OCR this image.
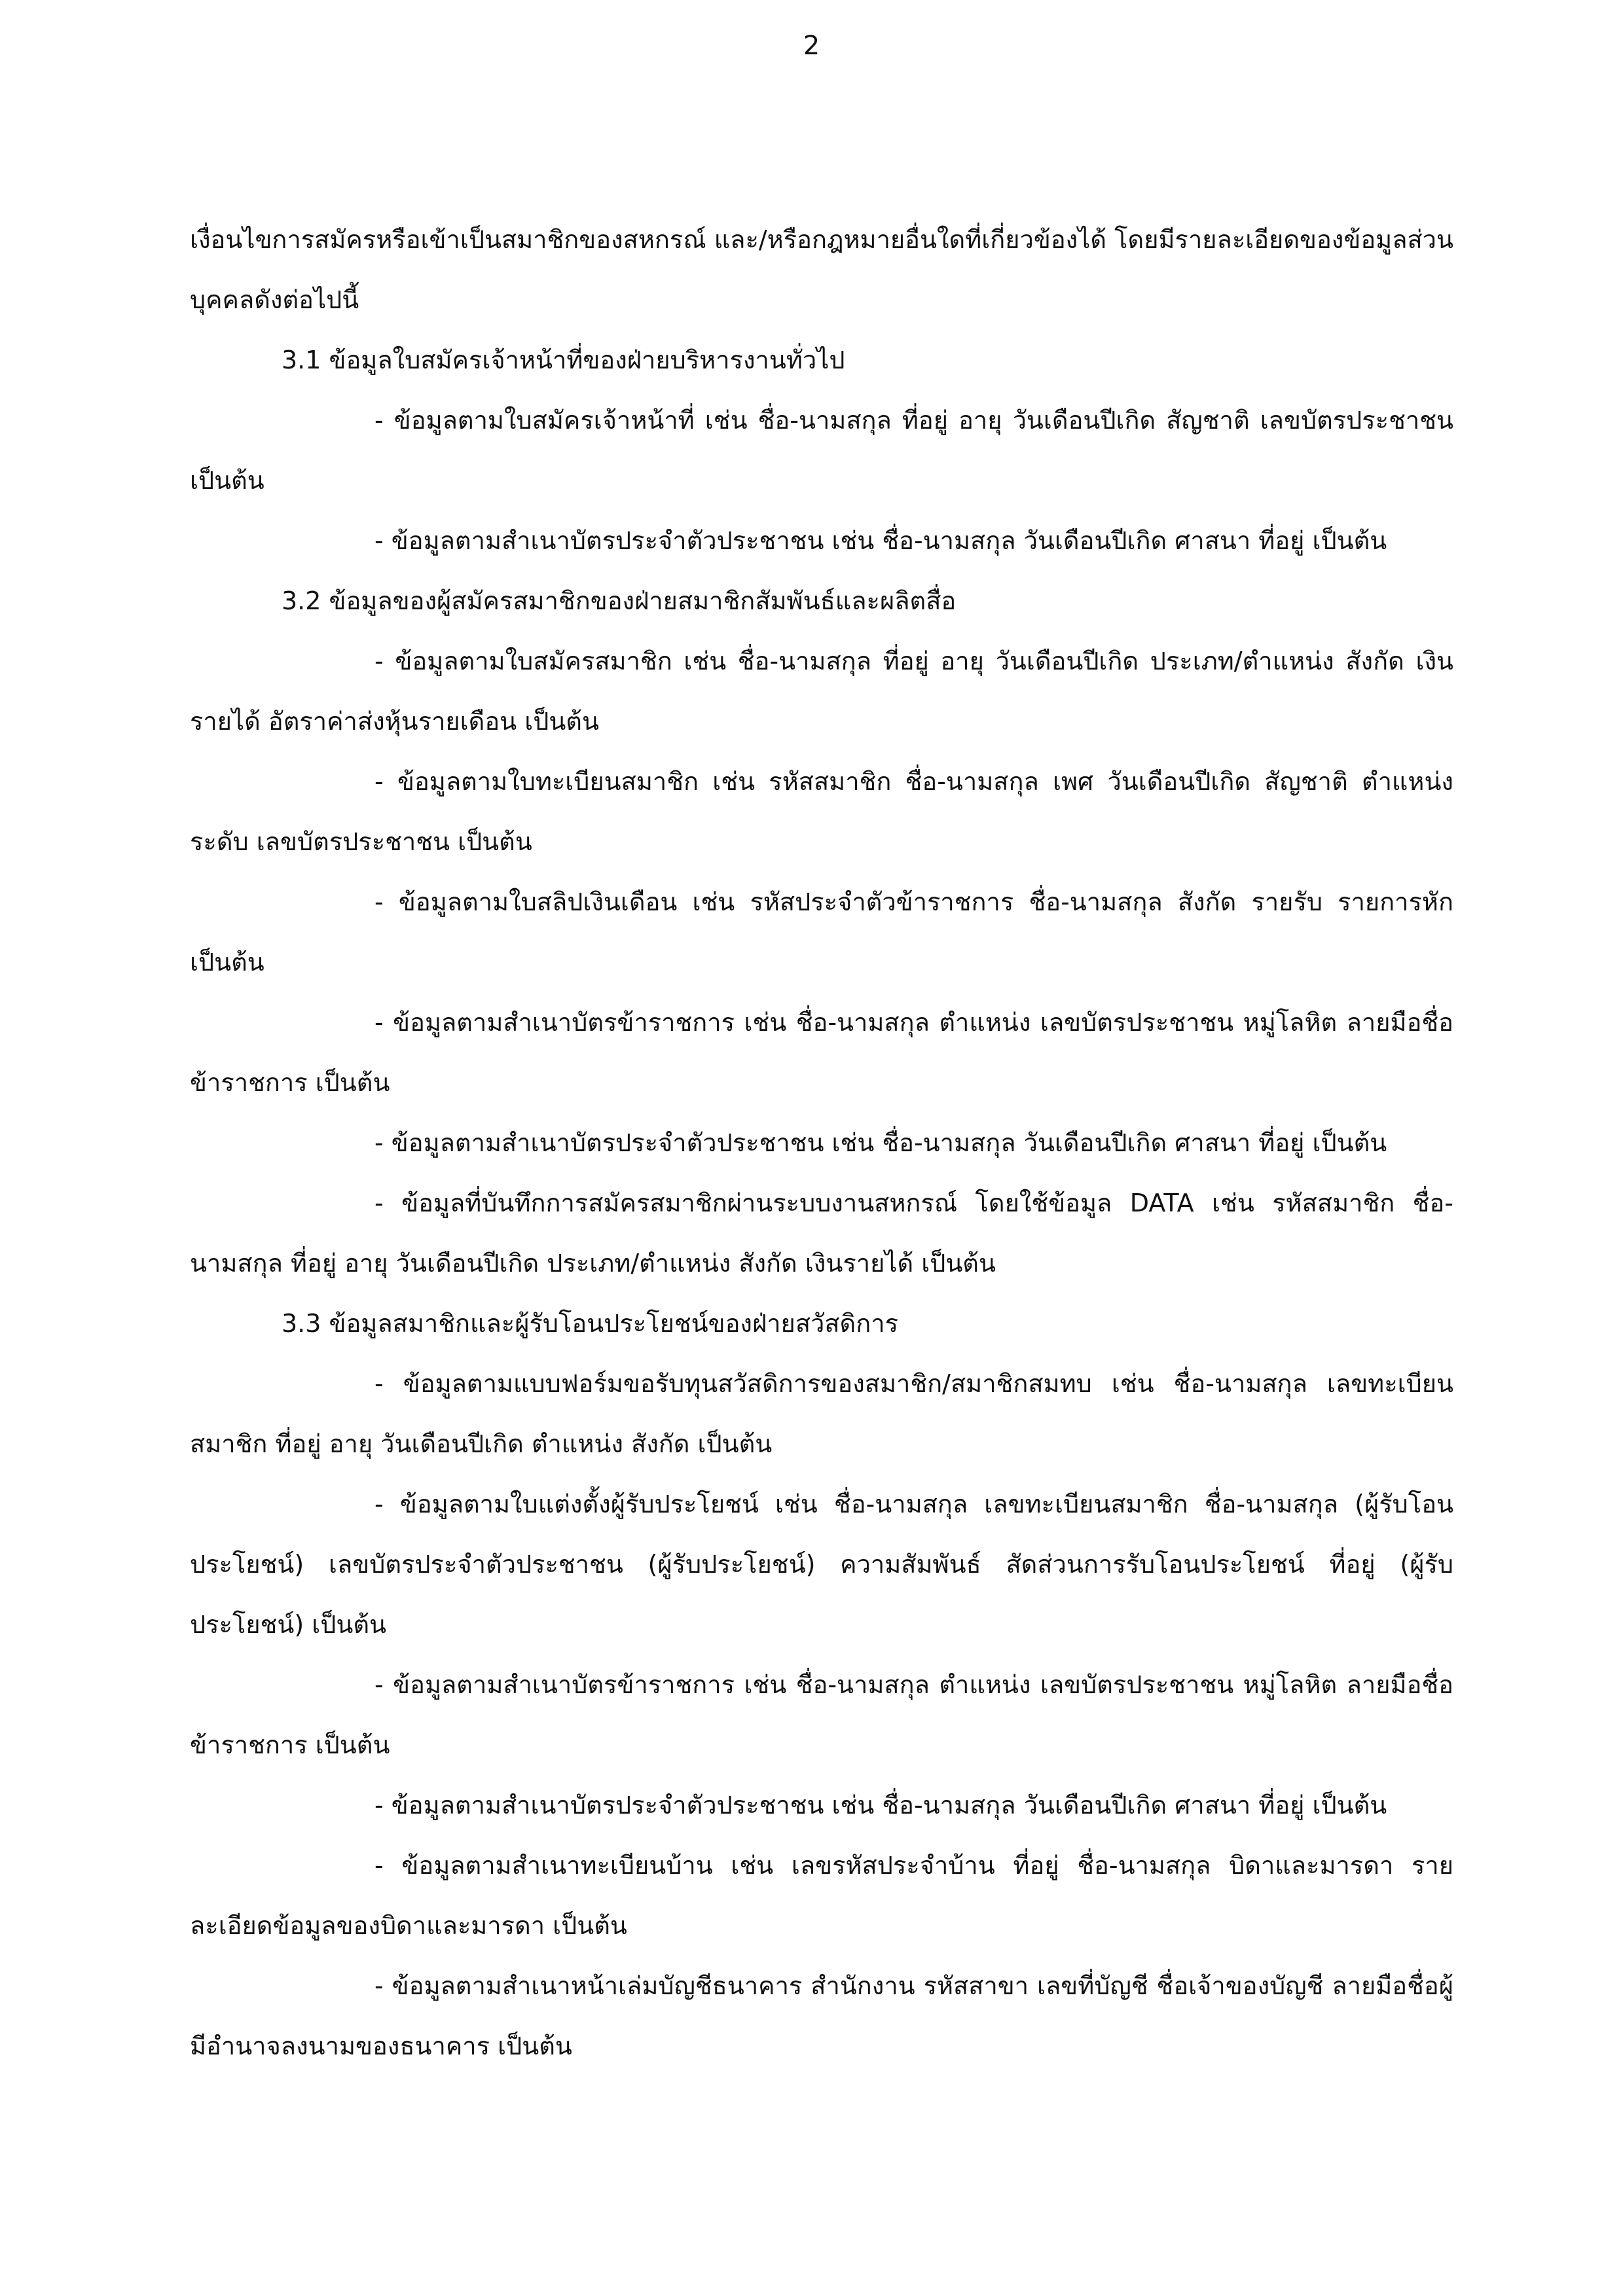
2

เงื่อนไขการสมัครหรือเข้าเป็นสมาชิกของสหกรณ์ และ/หรือกฎหมายอื่นใดที่เกี่ยวข้องได้ โดยมีรายละเอียดของข้อมูลส่วนบุคคลดังต่อไปนี้

3.1 ข้อมูลใบสมัครเจ้าหน้าที่ของฝ่ายบริหารงานทั่วไป

- ข้อมูลตามใบสมัครเจ้าหน้าที่ เช่น ชื่อ-นามสกุล ที่อยู่ อายุ วันเดือนปีเกิด สัญชาติ เลขบัตรประชาชน เป็นต้น

- ข้อมูลตามสำเนาบัตรประจำตัวประชาชน เช่น ชื่อ-นามสกุล วันเดือนปีเกิด ศาสนา ที่อยู่ เป็นต้น

3.2 ข้อมูลของผู้สมัครสมาชิกของฝ่ายสมาชิกสัมพันธ์และผลิตสื่อ

- ข้อมูลตามใบสมัครสมาชิก เช่น ชื่อ-นามสกุล ที่อยู่ อายุ วันเดือนปีเกิด ประเภท/ตำแหน่ง สังกัด เงินรายได้ อัตราค่าส่งหุ้นรายเดือน เป็นต้น

- ข้อมูลตามใบทะเบียนสมาชิก เช่น รหัสสมาชิก ชื่อ-นามสกุล เพศ วันเดือนปีเกิด สัญชาติ ตำแหน่ง ระดับ เลขบัตรประชาชน เป็นต้น

- ข้อมูลตามใบสลิปเงินเดือน เช่น รหัสประจำตัวข้าราชการ ชื่อ-นามสกุล สังกัด รายรับ รายการหัก เป็นต้น

- ข้อมูลตามสำเนาบัตรข้าราชการ เช่น ชื่อ-นามสกุล ตำแหน่ง เลขบัตรประชาชน หมู่โลหิต ลายมือชื่อข้าราชการ เป็นต้น

- ข้อมูลตามสำเนาบัตรประจำตัวประชาชน เช่น ชื่อ-นามสกุล วันเดือนปีเกิด ศาสนา ที่อยู่ เป็นต้น

- ข้อมูลที่บันทึกการสมัครสมาชิกผ่านระบบงานสหกรณ์ โดยใช้ข้อมูล DATA เช่น รหัสสมาชิก ชื่อ-นามสกุล ที่อยู่ อายุ วันเดือนปีเกิด ประเภท/ตำแหน่ง สังกัด เงินรายได้ เป็นต้น

3.3 ข้อมูลสมาชิกและผู้รับโอนประโยชน์ของฝ่ายสวัสดิการ

- ข้อมูลตามแบบฟอร์มขอรับทุนสวัสดิการของสมาชิก/สมาชิกสมทบ เช่น ชื่อ-นามสกุล เลขทะเบียนสมาชิก ที่อยู่ อายุ วันเดือนปีเกิด ตำแหน่ง สังกัด เป็นต้น

- ข้อมูลตามใบแต่งตั้งผู้รับประโยชน์ เช่น ชื่อ-นามสกุล เลขทะเบียนสมาชิก ชื่อ-นามสกุล (ผู้รับโอนประโยชน์) เลขบัตรประจำตัวประชาชน (ผู้รับประโยชน์) ความสัมพันธ์ สัดส่วนการรับโอนประโยชน์ ที่อยู่ (ผู้รับประโยชน์) เป็นต้น

- ข้อมูลตามสำเนาบัตรข้าราชการ เช่น ชื่อ-นามสกุล ตำแหน่ง เลขบัตรประชาชน หมู่โลหิต ลายมือชื่อข้าราชการ เป็นต้น

- ข้อมูลตามสำเนาบัตรประจำตัวประชาชน เช่น ชื่อ-นามสกุล วันเดือนปีเกิด ศาสนา ที่อยู่ เป็นต้น

- ข้อมูลตามสำเนาทะเบียนบ้าน เช่น เลขรหัสประจำบ้าน ที่อยู่ ชื่อ-นามสกุล บิดาและมารดา รายละเอียดข้อมูลของบิดาและมารดา เป็นต้น

- ข้อมูลตามสำเนาหน้าเล่มบัญชีธนาคาร สำนักงาน รหัสสาขา เลขที่บัญชี ชื่อเจ้าของบัญชี ลายมือชื่อผู้มีอำนาจลงนามของธนาคาร เป็นต้น
